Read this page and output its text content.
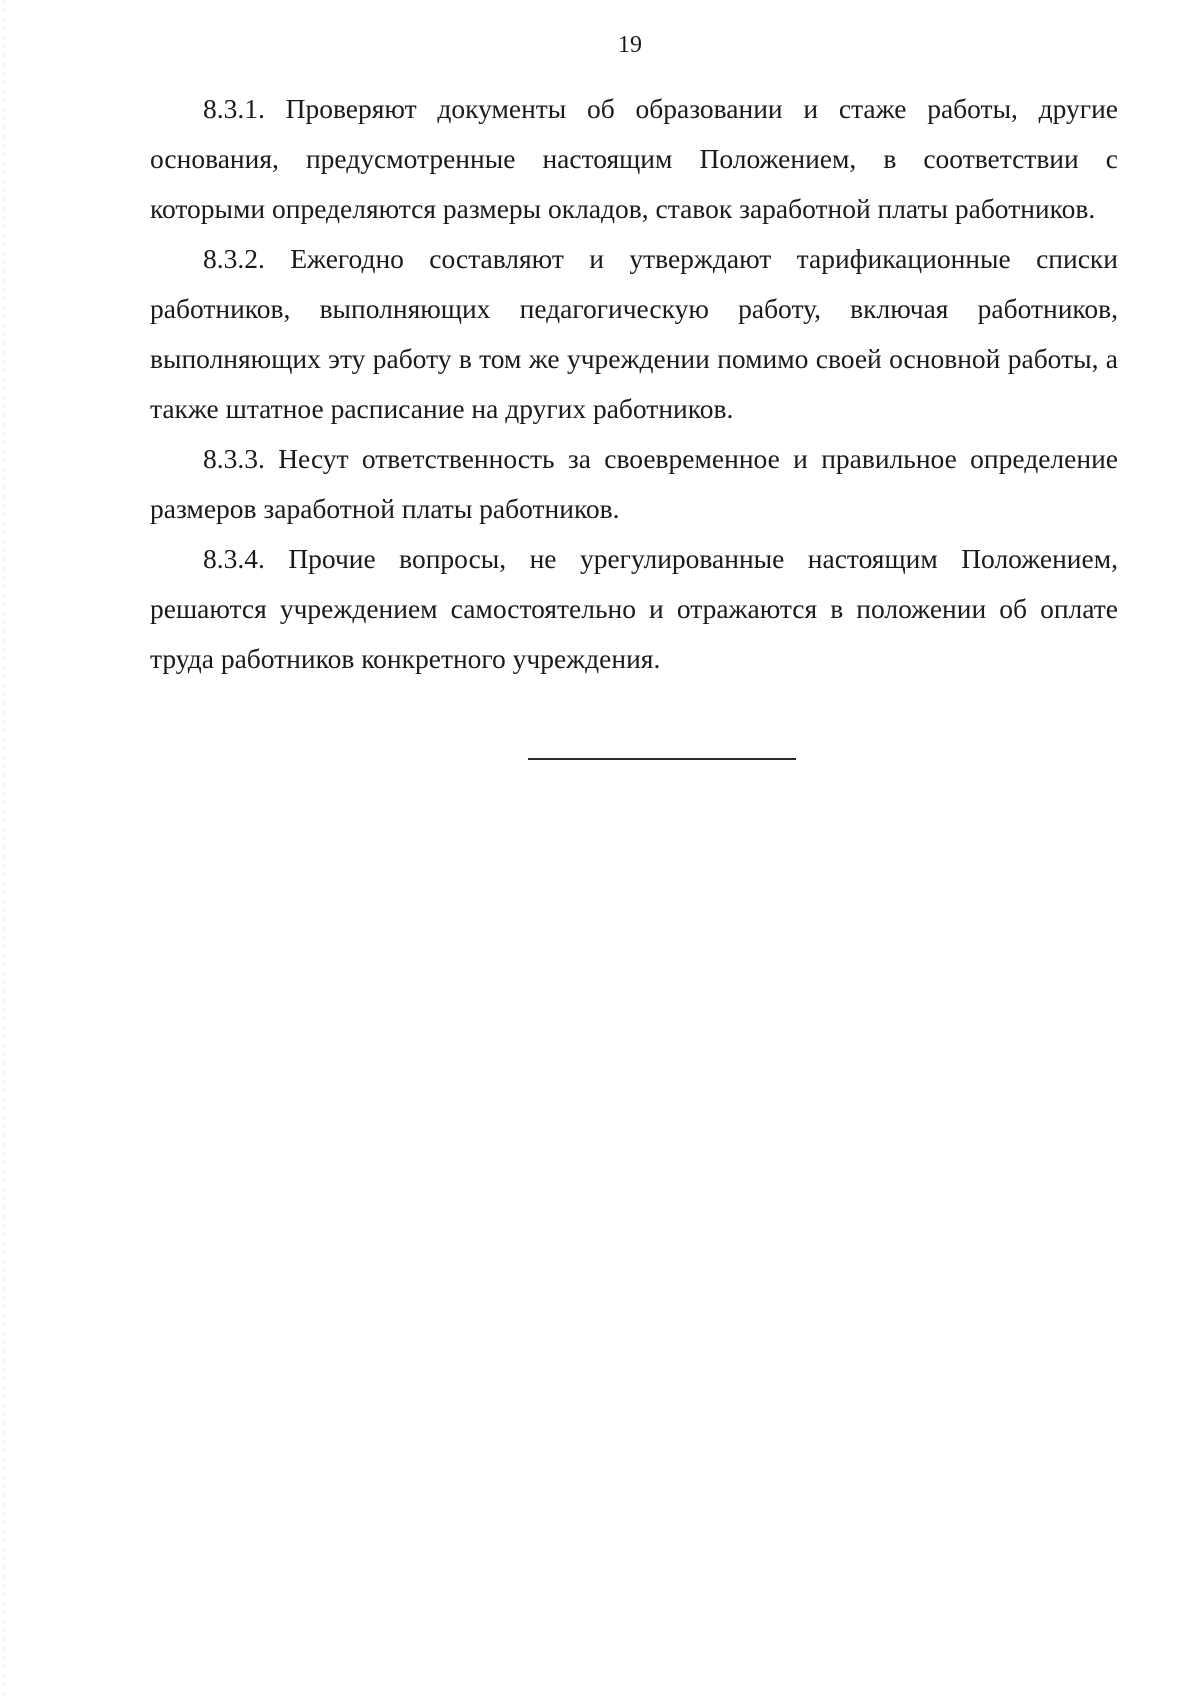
19

8.3.1. Проверяют документы об образовании и стаже работы, другие основания, предусмотренные настоящим Положением, в соответствии с которыми определяются размеры окладов, ставок заработной платы работников.

8.3.2. Ежегодно составляют и утверждают тарификационные списки работников, выполняющих педагогическую работу, включая работников, выполняющих эту работу в том же учреждении помимо своей основной работы, а также штатное расписание на других работников.

8.3.3. Несут ответственность за своевременное и правильное определение размеров заработной платы работников.

8.3.4. Прочие вопросы, не урегулированные настоящим Положением, решаются учреждением самостоятельно и отражаются в положении об оплате труда работников конкретного учреждения.
